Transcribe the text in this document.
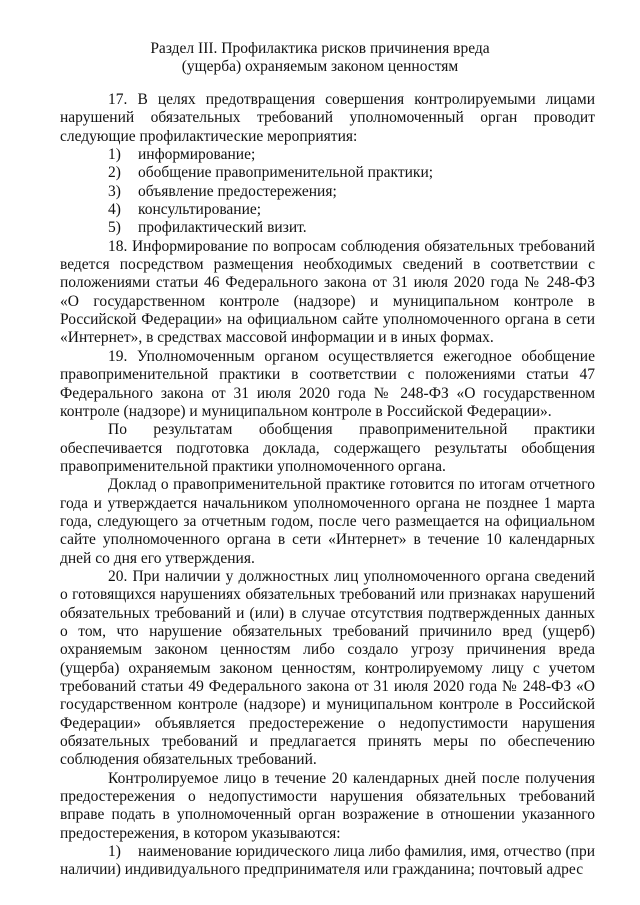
Раздел III. Профилактика рисков причинения вреда
(ущерба) охраняемым законом ценностям

17. В целях предотвращения совершения контролируемыми лицами нарушений обязательных требований уполномоченный орган проводит следующие профилактические мероприятия:

1) информирование;
2) обобщение правоприменительной практики;
3) объявление предостережения;
4) консультирование;
5) профилактический визит.

18. Информирование по вопросам соблюдения обязательных требований ведется посредством размещения необходимых сведений в соответствии с положениями статьи 46 Федерального закона от 31 июля 2020 года № 248-ФЗ «О государственном контроле (надзоре) и муниципальном контроле в Российской Федерации» на официальном сайте уполномоченного органа в сети «Интернет», в средствах массовой информации и в иных формах.

19. Уполномоченным органом осуществляется ежегодное обобщение правоприменительной практики в соответствии с положениями статьи 47 Федерального закона от 31 июля 2020 года № 248-ФЗ «О государственном контроле (надзоре) и муниципальном контроле в Российской Федерации».

По результатам обобщения правоприменительной практики обеспечивается подготовка доклада, содержащего результаты обобщения правоприменительной практики уполномоченного органа.

Доклад о правоприменительной практике готовится по итогам отчетного года и утверждается начальником уполномоченного органа не позднее 1 марта года, следующего за отчетным годом, после чего размещается на официальном сайте уполномоченного органа в сети «Интернет» в течение 10 календарных дней со дня его утверждения.

20. При наличии у должностных лиц уполномоченного органа сведений о готовящихся нарушениях обязательных требований или признаках нарушений обязательных требований и (или) в случае отсутствия подтвержденных данных о том, что нарушение обязательных требований причинило вред (ущерб) охраняемым законом ценностям либо создало угрозу причинения вреда (ущерба) охраняемым законом ценностям, контролируемому лицу с учетом требований статьи 49 Федерального закона от 31 июля 2020 года № 248-ФЗ «О государственном контроле (надзоре) и муниципальном контроле в Российской Федерации» объявляется предостережение о недопустимости нарушения обязательных требований и предлагается принять меры по обеспечению соблюдения обязательных требований.

Контролируемое лицо в течение 20 календарных дней после получения предостережения о недопустимости нарушения обязательных требований вправе подать в уполномоченный орган возражение в отношении указанного предостережения, в котором указываются:

1) наименование юридического лица либо фамилия, имя, отчество (при наличии) индивидуального предпринимателя или гражданина; почтовый адрес
